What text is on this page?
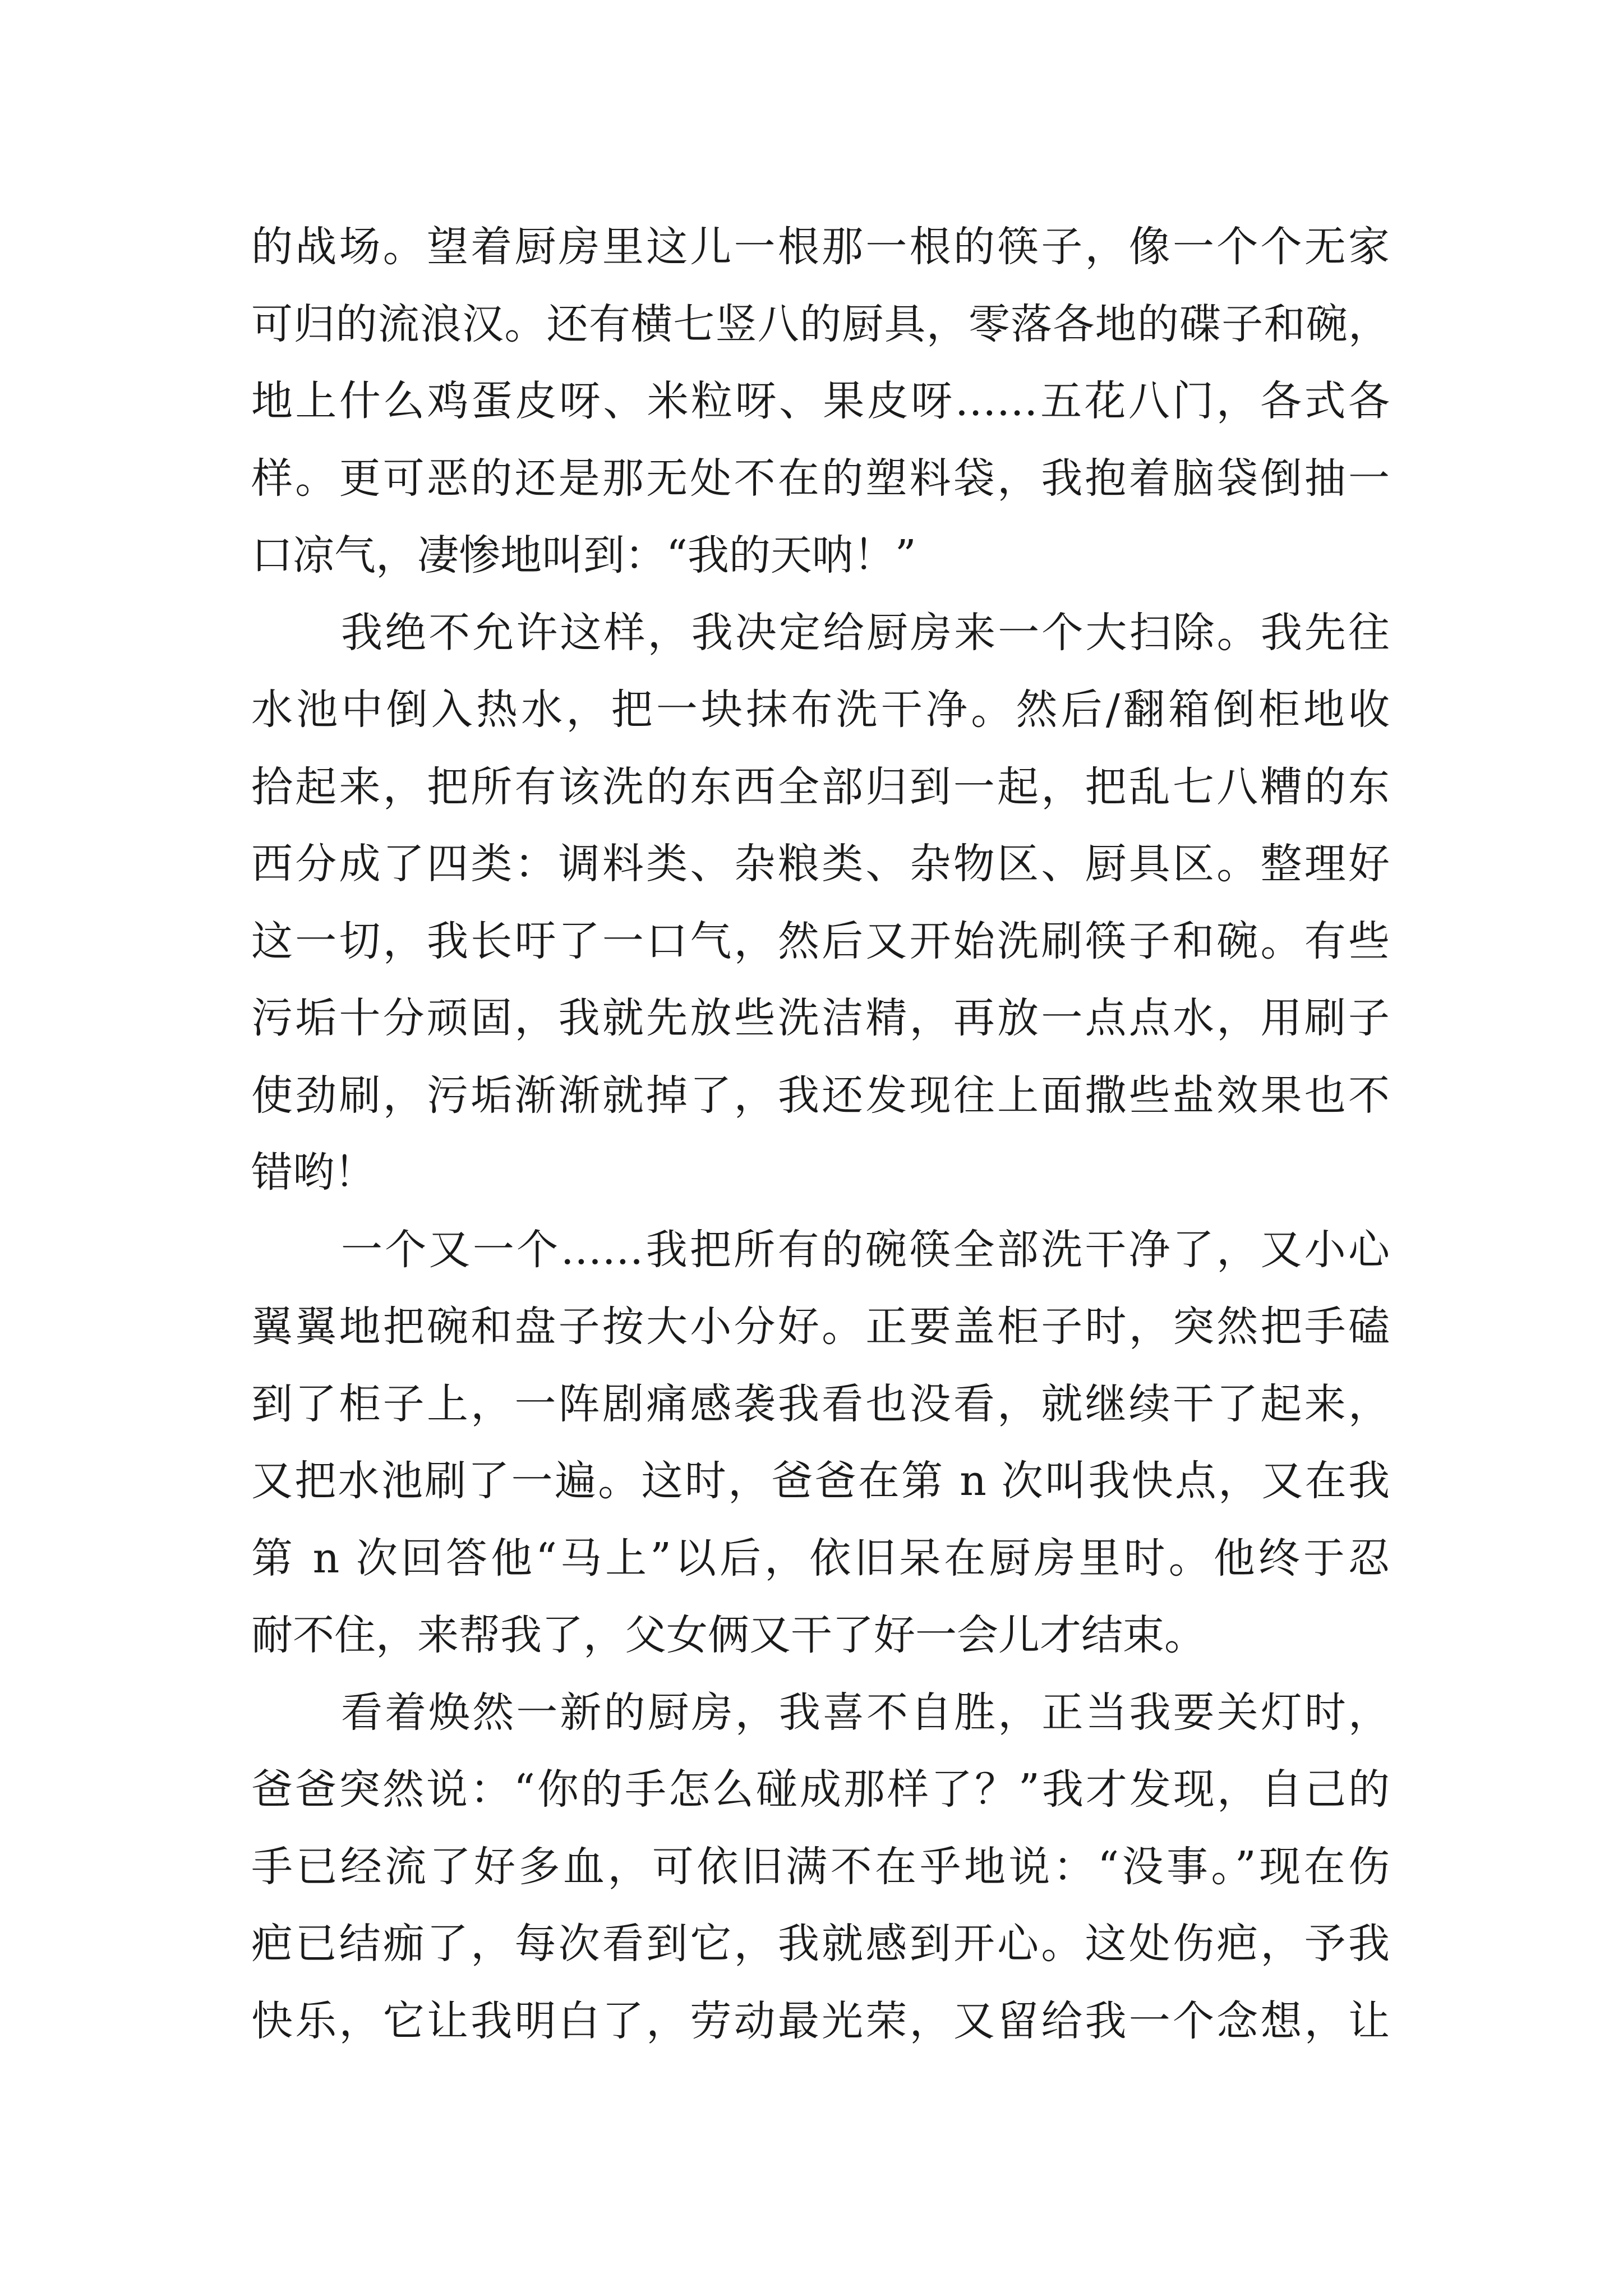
的战场。望着厨房里这儿一根那一根的筷子，像一个个无家
可归的流浪汉。还有横七竖八的厨具，零落各地的碟子和碗，
地上什么鸡蛋皮呀、米粒呀、果皮呀……五花八门，各式各
样。更可恶的还是那无处不在的塑料袋，我抱着脑袋倒抽一
口凉气，凄惨地叫到：“我的天呐！”
我绝不允许这样，我决定给厨房来一个大扫除。我先往
水池中倒入热水，把一块抹布洗干净。然后/翻箱倒柜地收
拾起来，把所有该洗的东西全部归到一起，把乱七八糟的东
西分成了四类：调料类、杂粮类、杂物区、厨具区。整理好
这一切，我长吁了一口气，然后又开始洗刷筷子和碗。有些
污垢十分顽固，我就先放些洗洁精，再放一点点水，用刷子
使劲刷，污垢渐渐就掉了，我还发现往上面撒些盐效果也不
错哟！
一个又一个……我把所有的碗筷全部洗干净了，又小心
翼翼地把碗和盘子按大小分好。正要盖柜子时，突然把手磕
到了柜子上，一阵剧痛感袭我看也没看，就继续干了起来，
又把水池刷了一遍。这时，爸爸在第 n 次叫我快点，又在我
第 n 次回答他“马上”以后，依旧呆在厨房里时。他终于忍
耐不住，来帮我了，父女俩又干了好一会儿才结束。
看着焕然一新的厨房，我喜不自胜，正当我要关灯时，
爸爸突然说：“你的手怎么碰成那样了？”我才发现，自己的
手已经流了好多血，可依旧满不在乎地说：“没事。”现在伤
疤已结痂了，每次看到它，我就感到开心。这处伤疤，予我
快乐，它让我明白了，劳动最光荣，又留给我一个念想，让
